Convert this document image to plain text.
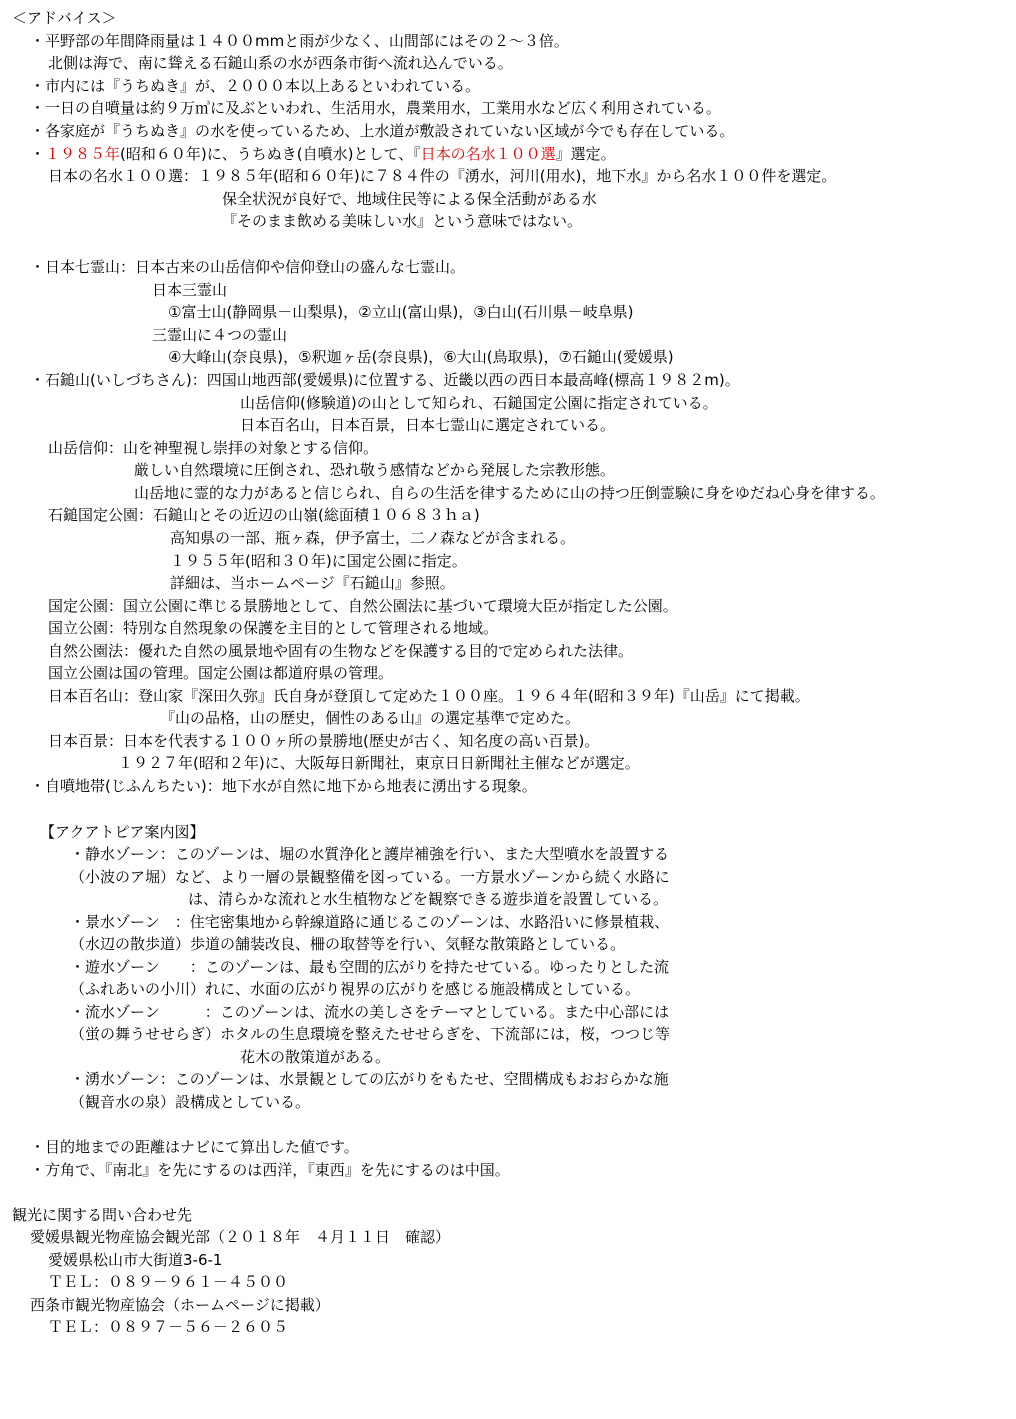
＜アドバイス＞
・平野部の年間降雨量は１４００mmと雨が少なく、山間部にはその２～３倍。
北側は海で、南に聳える石鎚山系の水が西条市街へ流れ込んでいる。
・市内には『うちぬき』が、２０００本以上あるといわれている。
・一日の自噴量は約９万㎥に及ぶといわれ、生活用水，農業用水，工業用水など広く利用されている。
・各家庭が『うちぬき』の水を使っているため、上水道が敷設されていない区域が今でも存在している。
・１９８５年(昭和６０年)に、うちぬき(自噴水)として、『日本の名水１００選』選定。
日本の名水１００選：１９８５年(昭和６０年)に７８４件の『湧水，河川(用水)，地下水』から名水１００件を選定。
保全状況が良好で、地域住民等による保全活動がある水
『そのまま飲める美味しい水』という意味ではない。
・日本七霊山：日本古来の山岳信仰や信仰登山の盛んな七霊山。
日本三霊山
①富士山(静岡県－山梨県)，②立山(富山県)，③白山(石川県－岐阜県)
三霊山に４つの霊山
④大峰山(奈良県)，⑤釈迦ヶ岳(奈良県)，⑥大山(鳥取県)，⑦石鎚山(愛媛県)
・石鎚山(いしづちさん)：四国山地西部(愛媛県)に位置する、近畿以西の西日本最高峰(標高１９８２m)。
山岳信仰(修験道)の山として知られ、石鎚国定公園に指定されている。
日本百名山，日本百景，日本七霊山に選定されている。
山岳信仰：山を神聖視し崇拝の対象とする信仰。
厳しい自然環境に圧倒され、恐れ敬う感情などから発展した宗教形態。
山岳地に霊的な力があると信じられ、自らの生活を律するために山の持つ圧倒霊験に身をゆだね心身を律する。
石鎚国定公園：石鎚山とその近辺の山嶺(総面積１０６８３ｈａ)
高知県の一部、瓶ヶ森，伊予富士，二ノ森などが含まれる。
１９５５年(昭和３０年)に国定公園に指定。
詳細は、当ホームページ『石鎚山』参照。
国定公園：国立公園に準じる景勝地として、自然公園法に基づいて環境大臣が指定した公園。
国立公園：特別な自然現象の保護を主目的として管理される地域。
自然公園法：優れた自然の風景地や固有の生物などを保護する目的で定められた法律。
国立公園は国の管理。国定公園は都道府県の管理。
日本百名山：登山家『深田久弥』氏自身が登頂して定めた１００座。１９６４年(昭和３９年)『山岳』にて掲載。
『山の品格，山の歴史，個性のある山』の選定基準で定めた。
日本百景：日本を代表する１００ヶ所の景勝地(歴史が古く、知名度の高い百景)。
１９２７年(昭和２年)に、大阪毎日新聞社，東京日日新聞社主催などが選定。
・自噴地帯(じふんちたい)：地下水が自然に地下から地表に湧出する現象。
【アクアトピア案内図】
・静水ゾーン：このゾーンは、堀の水質浄化と護岸補強を行い、また大型噴水を設置する
（小波のア堀）など、より一層の景観整備を図っている。一方景水ゾーンから続く水路に
は、清らかな流れと水生植物などを観察できる遊歩道を設置している。
・景水ゾーン　：住宅密集地から幹線道路に通じるこのゾーンは、水路沿いに修景植栽、
（水辺の散歩道）歩道の舗装改良、柵の取替等を行い、気軽な散策路としている。
・遊水ゾーン　　：このゾーンは、最も空間的広がりを持たせている。ゆったりとした流
（ふれあいの小川）れに、水面の広がり視界の広がりを感じる施設構成としている。
・流水ゾーン　　　：このゾーンは、流水の美しさをテーマとしている。また中心部には
（蛍の舞うせせらぎ）ホタルの生息環境を整えたせせらぎを、下流部には，桜，つつじ等
花木の散策道がある。
・湧水ゾーン：このゾーンは、水景観としての広がりをもたせ、空間構成もおおらかな施
（観音水の泉）設構成としている。
・目的地までの距離はナビにて算出した値です。
・方角で、『南北』を先にするのは西洋，『東西』を先にするのは中国。
観光に関する問い合わせ先
愛媛県観光物産協会観光部（２０１８年　４月１１日　確認）
愛媛県松山市大街道3-6-1
ＴＥＬ：０８９－９６１－４５００
西条市観光物産協会（ホームページに掲載）
ＴＥＬ：０８９７－５６－２６０５
